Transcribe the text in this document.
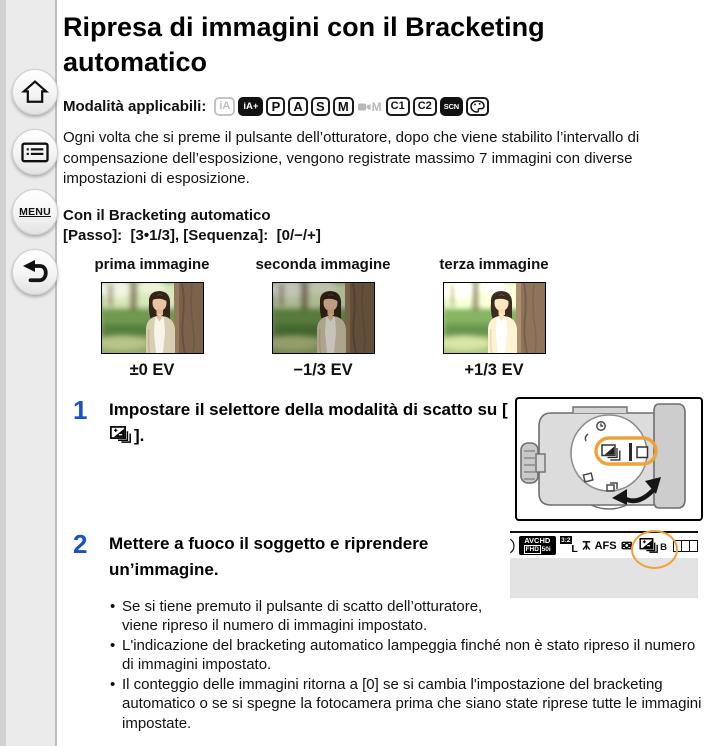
MENU
Ripresa di immagini con il Bracketing automatico
Modalità applicabili:	iA	iA+	P	A	S	M	M C1	C2	SCN

Ogni volta che si preme il pulsante dell’otturatore, dopo che viene stabilito l’intervallo di compensazione dell’esposizione, vengono registrate massimo 7 immagini con diverse impostazioni di esposizione.

Con il Bracketing automatico
[Passo]:  [3•1/3], [Sequenza]:  [0/−/+]
prima immagine
±0 EV
seconda immagine
−1/3 EV
terza immagine
+1/3 EV
1	Impostare il selettore della modalità di scatto su [].
2	Mettere a fuoco il soggetto e riprendere un’immagine.
• Se si tiene premuto il pulsante di scatto dell’otturatore,
viene ripreso il numero di immagini impostato.
• L'indicazione del bracketing automatico lampeggia finché non è stato ripreso il numero di immagini impostato.
• Il conteggio delle immagini ritorna a [0] se si cambia l'impostazione del bracketing automatico o se si spegne la fotocamera prima che siano state riprese tutte le immagini impostate.
AVCHD
FHD 50i
3:2
L AFS	B
